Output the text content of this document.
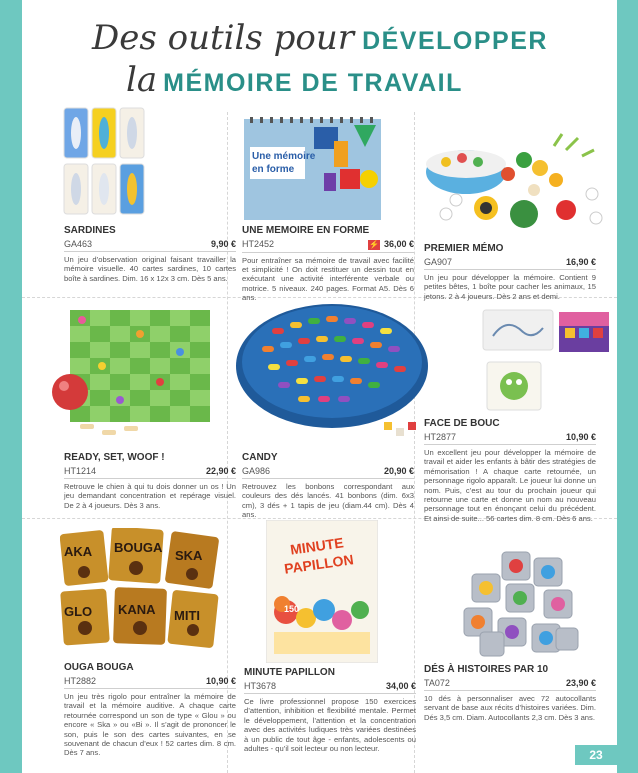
Des outils pour DÉVELOPPER
la MÉMOIRE DE TRAVAIL
Une mémoire
en forme
SARDINES
GA463	9,90 €
Un jeu d’observation original faisant travailler la mémoire visuelle. 40 cartes sardines, 10 cartes boîte à sardines. Dim. 16 x 12x 3 cm. Dès 5 ans.
UNE MEMOIRE EN FORME
HT2452	⚡ 36,00 €
Pour entraîner sa mémoire de travail avec facilité et simplicité ! On doit restituer un dessin tout en exécutant une activité interférente verbale ou motrice. 5 niveaux. 240 pages. Format A5. Dès 6 ans.
PREMIER MÉMO
GA907	16,90 €
Un jeu pour développer la mémoire. Contient 9 petites bêtes, 1 boîte pour cacher les animaux, 15 jetons. 2 à 4 joueurs. Dès 2 ans et demi.
READY, SET, WOOF !
HT1214	22,90 €
Retrouve le chien à qui tu dois donner un os ! Un jeu demandant concentration et repérage visuel. De 2 à 4 joueurs. Dès 3 ans.
CANDY
GA986	20,90 €
Retrouvez les bonbons correspondant aux couleurs des dés lancés. 41 bonbons (dim. 6x3 cm), 3 dés + 1 tapis de jeu (diam.44 cm). Dès 4 ans.
FACE DE BOUC
HT2877	10,90 €
Un excellent jeu pour développer la mémoire de travail et aider les enfants à bâtir des stratégies de mémorisation ! A chaque carte retournée, un personnage rigolo apparaît. Le joueur lui donne un nom. Puis, c’est au tour du prochain joueur qui retourne une carte et donne un nom au nouveau personnage tout en énonçant celui du précédent. Et ainsi de suite... 56 cartes dim. 8 cm. Dès 6 ans.
AKA BOUGA
SKA
GLO KANA MITI
MINUTE
PAPILLON
150
OUGA BOUGA
HT2882	10,90 €
Un jeu très rigolo pour entraîner la mémoire de travail et la mémoire auditive. A chaque carte retournée correspond un son de type « Glou » ou encore « Ska » ou «Bi ». Il s’agit de prononcer le son, puis le son des cartes suivantes, en se souvenant de chacun d’eux ! 52 cartes dim. 8 cm. Dès 7 ans.
MINUTE PAPILLON
HT3678	34,00 €
Ce livre professionnel propose 150 exercices d’attention, inhibition et flexibilité mentale. Permet le développement, l’attention et la concentration avec des activités ludiques très variées destinées à un public de tout âge - enfants, adolescents ou adultes - qu’il soit lecteur ou non lecteur.
DÉS À HISTOIRES PAR 10
TA072	23,90 €
10 dés à personnaliser avec 72 autocollants servant de base aux récits d’histoires variées. Dim. Dés 3,5 cm. Diam. Autocollants 2,3 cm. Dès 3 ans.
23
